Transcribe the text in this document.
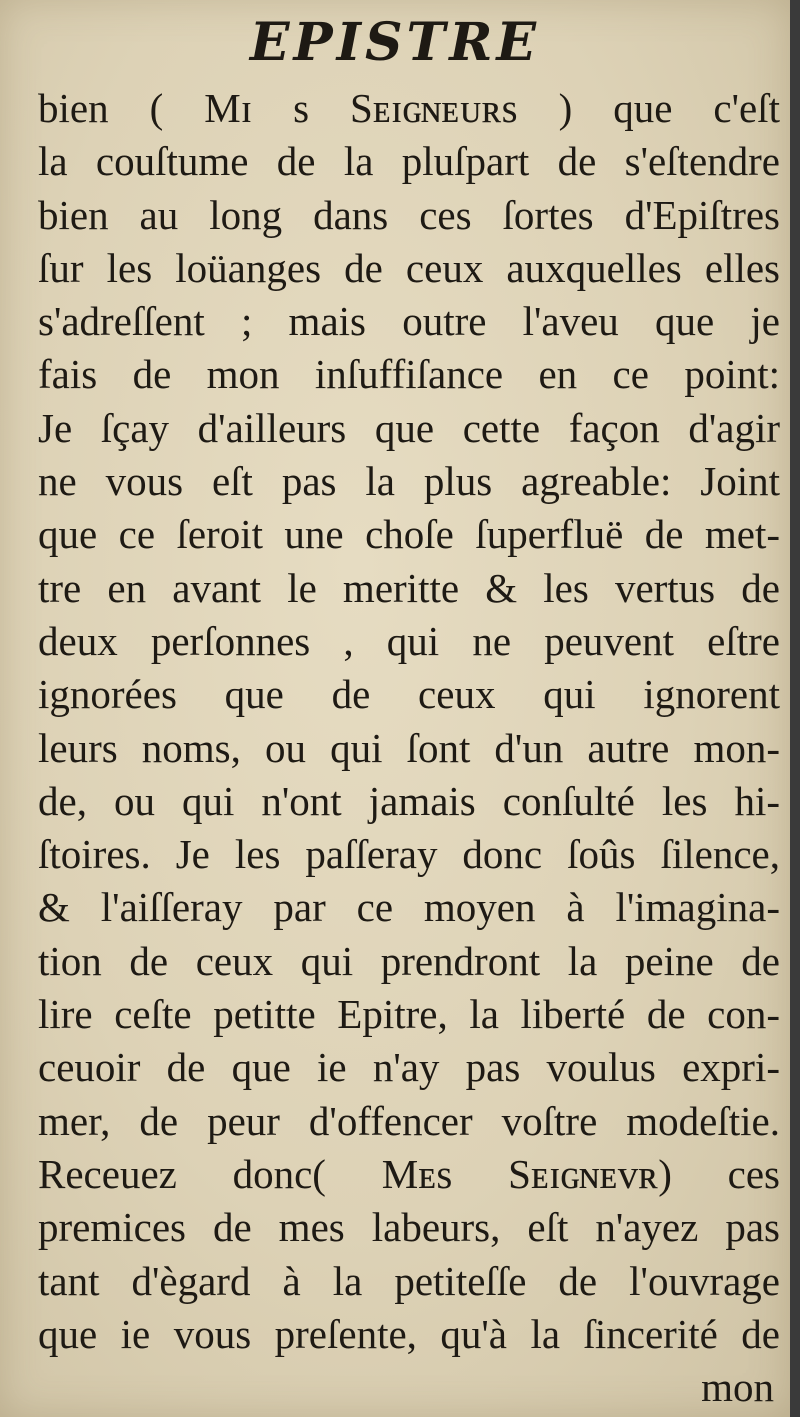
EPISTRE
bien ( Mɪ s Sᴇɪɢɴᴇᴜʀs ) que c'eſt
la couſtume de la pluſpart de s'eſtendre
bien au long dans ces ſortes d'Epiſtres
ſur les loüanges de ceux auxquelles elles
s'adreſſent ; mais outre l'aveu que je
fais de mon inſuffiſance en ce point:
Je ſçay d'ailleurs que cette façon d'agir
ne vous eſt pas la plus agreable: Joint
que ce ſeroit une choſe ſuperfluë de met-
tre en avant le meritte & les vertus de
deux perſonnes , qui ne peuvent eſtre
ignorées que de ceux qui ignorent
leurs noms, ou qui ſont d'un autre mon-
de, ou qui n'ont jamais conſulté les hi-
ſtoires. Je les paſſeray donc ſoûs ſilence,
& l'aiſſeray par ce moyen à l'imagina-
tion de ceux qui prendront la peine de
lire ceſte petitte Epitre, la liberté de con-
ceuoir de que ie n'ay pas voulus expri-
mer, de peur d'offencer voſtre modeſtie.
Receuez donc( Mᴇs Sᴇɪɢɴᴇᴠʀ) ces
premices de mes labeurs, eſt n'ayez pas
tant d'ègard à la petiteſſe de l'ouvrage
que ie vous preſente, qu'à la ſincerité de
mon
